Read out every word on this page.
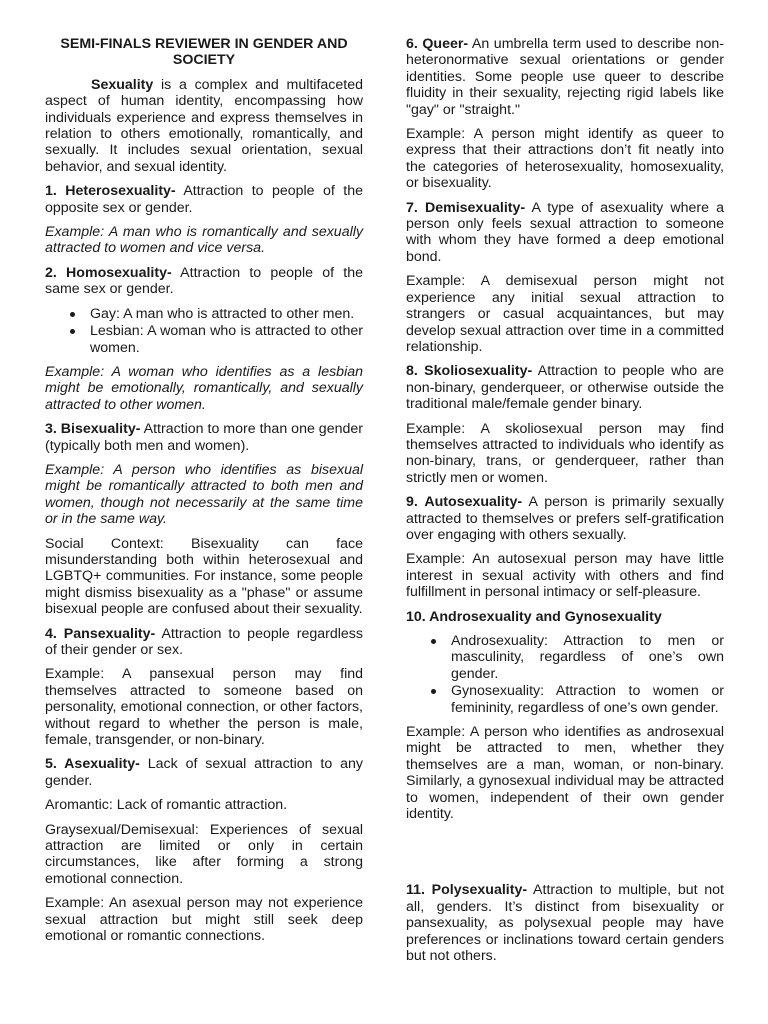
SEMI-FINALS REVIEWER IN GENDER AND SOCIETY

Sexuality is a complex and multifaceted aspect of human identity, encompassing how individuals experience and express themselves in relation to others emotionally, romantically, and sexually. It includes sexual orientation, sexual behavior, and sexual identity.

1. Heterosexuality- Attraction to people of the opposite sex or gender.

Example: A man who is romantically and sexually attracted to women and vice versa.

2. Homosexuality- Attraction to people of the same sex or gender.

Gay: A man who is attracted to other men.
Lesbian: A woman who is attracted to other women.

Example: A woman who identifies as a lesbian might be emotionally, romantically, and sexually attracted to other women.

3. Bisexuality- Attraction to more than one gender (typically both men and women).

Example: A person who identifies as bisexual might be romantically attracted to both men and women, though not necessarily at the same time or in the same way.

Social Context: Bisexuality can face misunderstanding both within heterosexual and LGBTQ+ communities. For instance, some people might dismiss bisexuality as a "phase" or assume bisexual people are confused about their sexuality.

4. Pansexuality- Attraction to people regardless of their gender or sex.

Example: A pansexual person may find themselves attracted to someone based on personality, emotional connection, or other factors, without regard to whether the person is male, female, transgender, or non-binary.

5. Asexuality- Lack of sexual attraction to any gender.

Aromantic: Lack of romantic attraction.

Graysexual/Demisexual: Experiences of sexual attraction are limited or only in certain circumstances, like after forming a strong emotional connection.

Example: An asexual person may not experience sexual attraction but might still seek deep emotional or romantic connections.

6. Queer- An umbrella term used to describe non-heteronormative sexual orientations or gender identities. Some people use queer to describe fluidity in their sexuality, rejecting rigid labels like "gay" or "straight."

Example: A person might identify as queer to express that their attractions don’t fit neatly into the categories of heterosexuality, homosexuality, or bisexuality.

7. Demisexuality- A type of asexuality where a person only feels sexual attraction to someone with whom they have formed a deep emotional bond.

Example: A demisexual person might not experience any initial sexual attraction to strangers or casual acquaintances, but may develop sexual attraction over time in a committed relationship.

8. Skoliosexuality- Attraction to people who are non-binary, genderqueer, or otherwise outside the traditional male/female gender binary.

Example: A skoliosexual person may find themselves attracted to individuals who identify as non-binary, trans, or genderqueer, rather than strictly men or women.

9. Autosexuality- A person is primarily sexually attracted to themselves or prefers self-gratification over engaging with others sexually.

Example: An autosexual person may have little interest in sexual activity with others and find fulfillment in personal intimacy or self-pleasure.

10. Androsexuality and Gynosexuality

Androsexuality: Attraction to men or masculinity, regardless of one’s own gender.
Gynosexuality: Attraction to women or femininity, regardless of one’s own gender.

Example: A person who identifies as androsexual might be attracted to men, whether they themselves are a man, woman, or non-binary. Similarly, a gynosexual individual may be attracted to women, independent of their own gender identity.

11. Polysexuality- Attraction to multiple, but not all, genders. It’s distinct from bisexuality or pansexuality, as polysexual people may have preferences or inclinations toward certain genders but not others.
